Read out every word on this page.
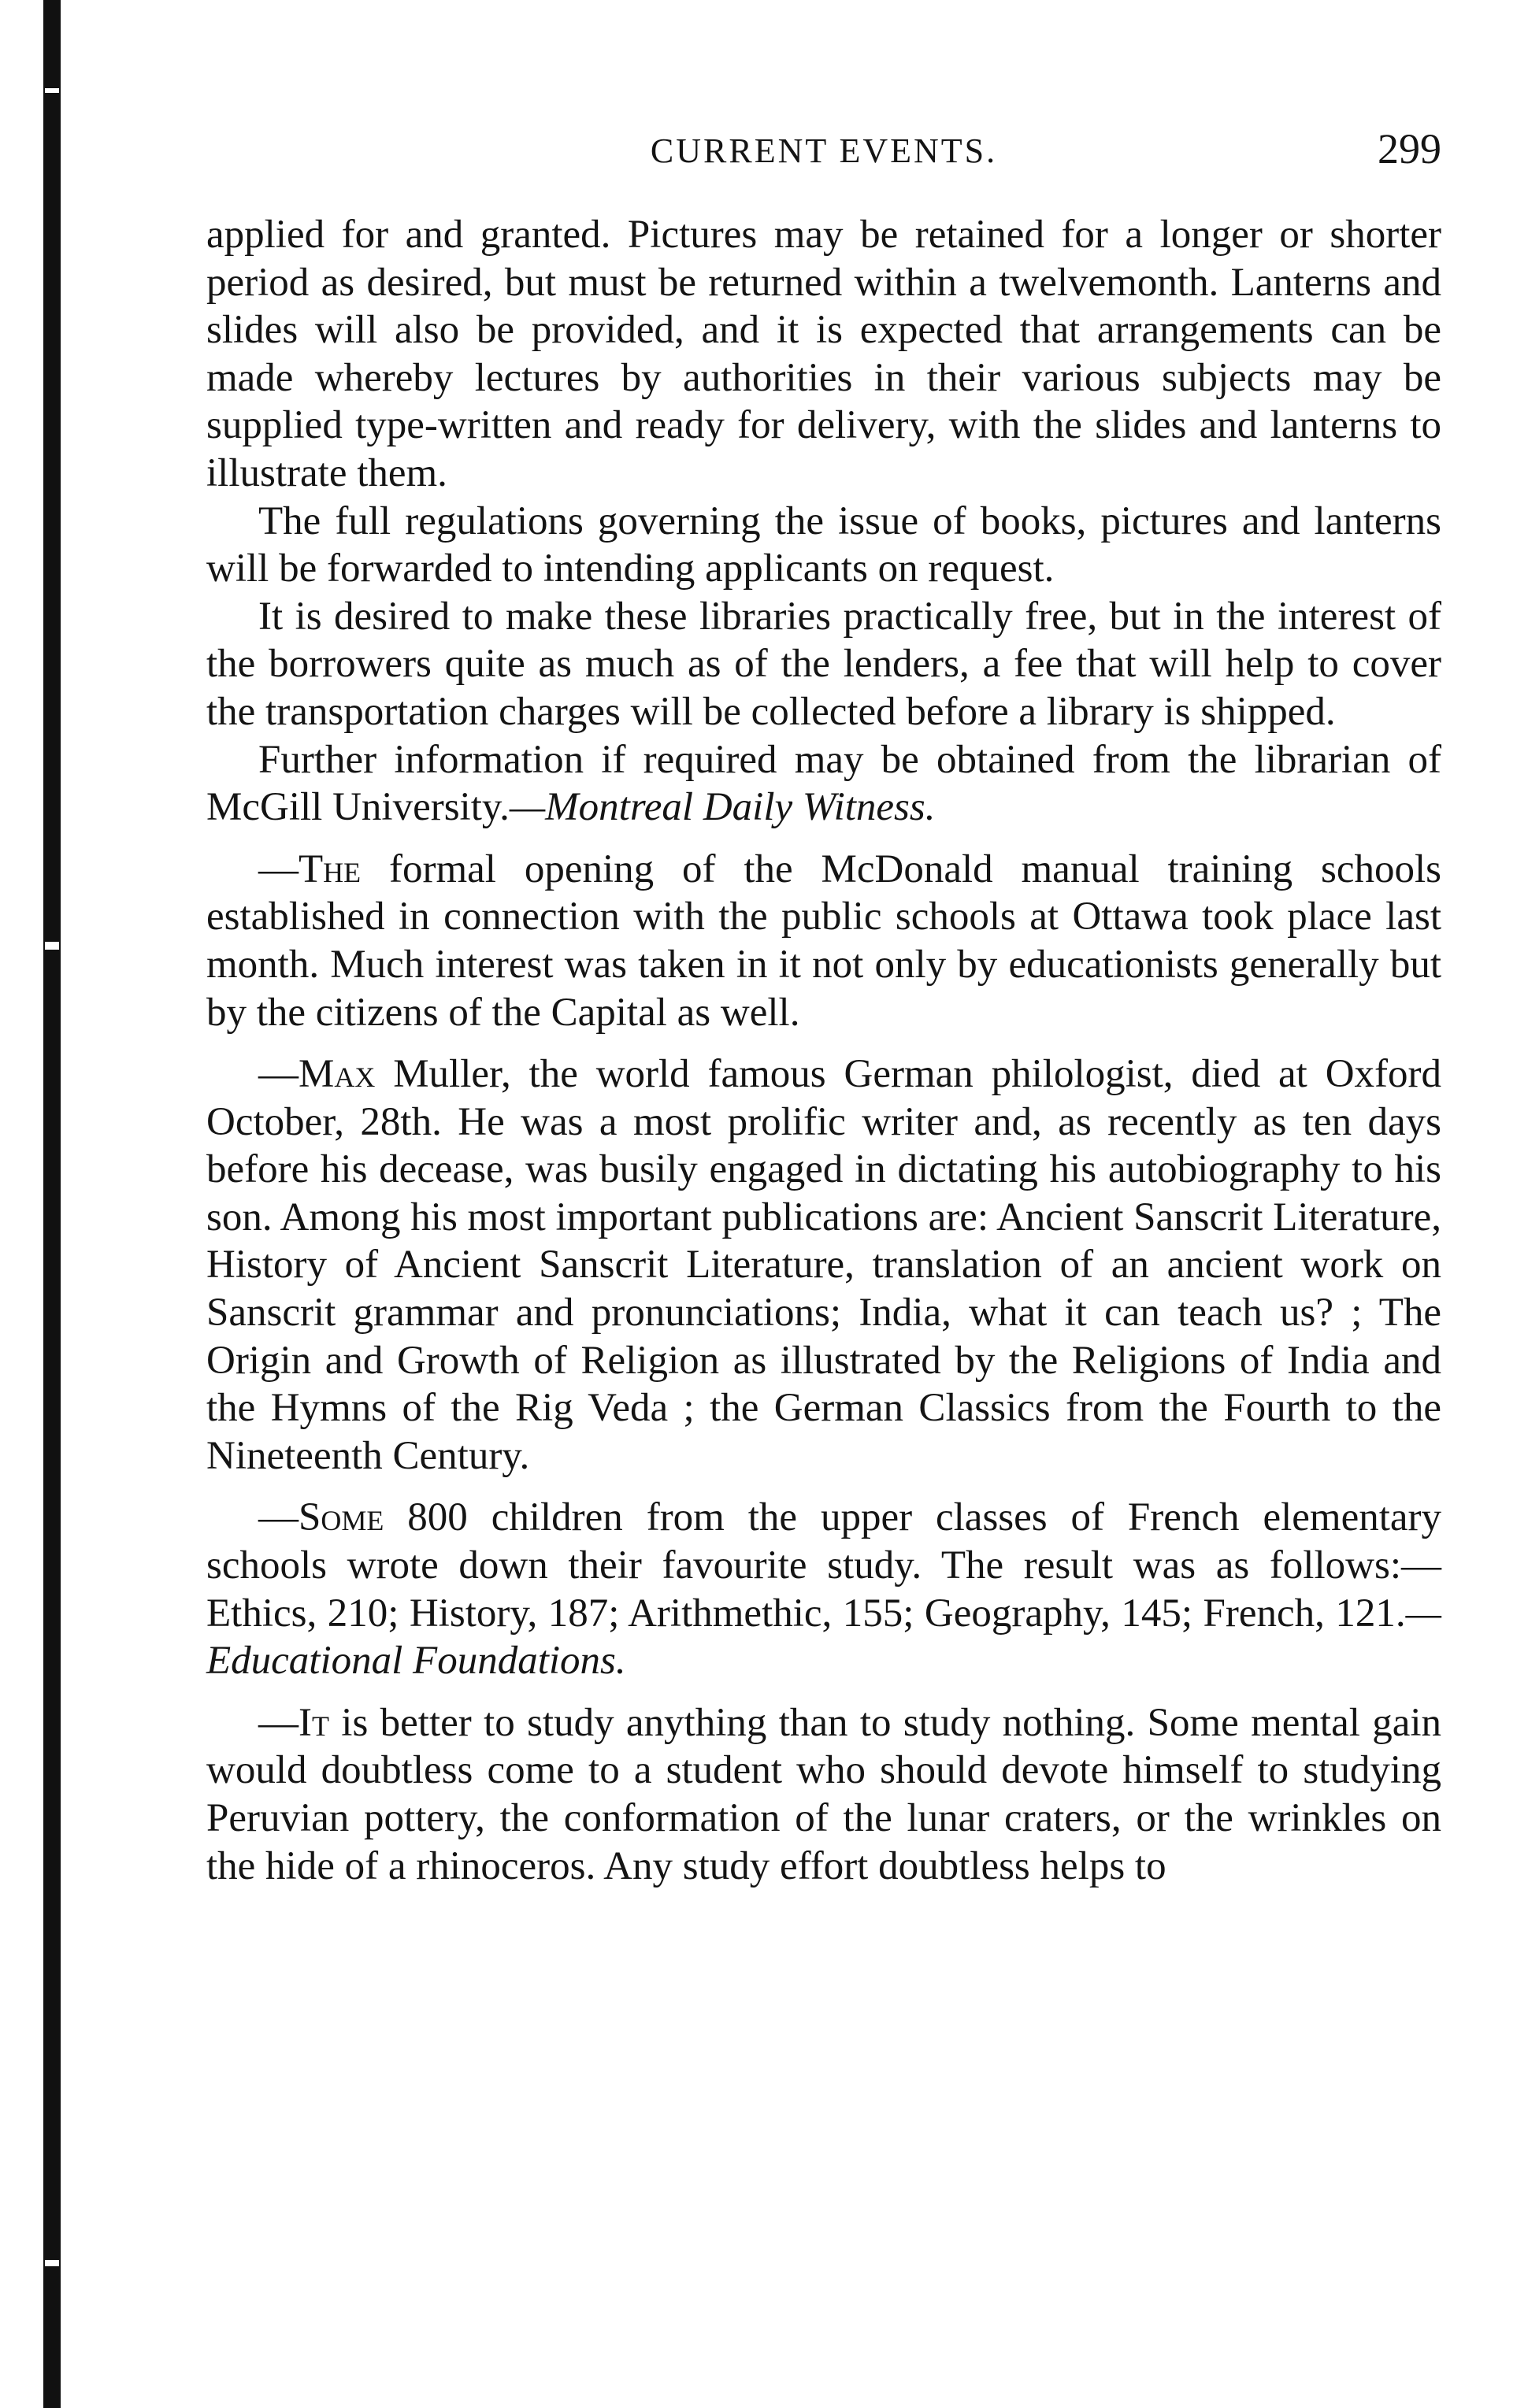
CURRENT EVENTS.	299

applied for and granted. Pictures may be retained for a longer or shorter period as desired, but must be returned within a twelvemonth. Lanterns and slides will also be provided, and it is expected that arrangements can be made whereby lectures by authorities in their various subjects may be supplied type-written and ready for delivery, with the slides and lanterns to illustrate them.

The full regulations governing the issue of books, pictures and lanterns will be forwarded to intending applicants on request.

It is desired to make these libraries practically free, but in the interest of the borrowers quite as much as of the lenders, a fee that will help to cover the transportation charges will be collected before a library is shipped.

Further information if required may be obtained from the librarian of McGill University.—Montreal Daily Witness.

—The formal opening of the McDonald manual training schools established in connection with the public schools at Ottawa took place last month. Much interest was taken in it not only by educationists generally but by the citizens of the Capital as well.

—Max Muller, the world famous German philologist, died at Oxford October, 28th. He was a most prolific writer and, as recently as ten days before his decease, was busily engaged in dictating his autobiography to his son. Among his most important publications are: Ancient Sanscrit Literature, History of Ancient Sanscrit Literature, translation of an ancient work on Sanscrit grammar and pronunciations; India, what it can teach us? ; The Origin and Growth of Religion as illustrated by the Religions of India and the Hymns of the Rig Veda ; the German Classics from the Fourth to the Nineteenth Century.

—Some 800 children from the upper classes of French elementary schools wrote down their favourite study. The result was as follows:—Ethics, 210; History, 187; Arithmethic, 155; Geography, 145; French, 121.—Educational Foundations.

—It is better to study anything than to study nothing. Some mental gain would doubtless come to a student who should devote himself to studying Peruvian pottery, the conformation of the lunar craters, or the wrinkles on the hide of a rhinoceros. Any study effort doubtless helps to
